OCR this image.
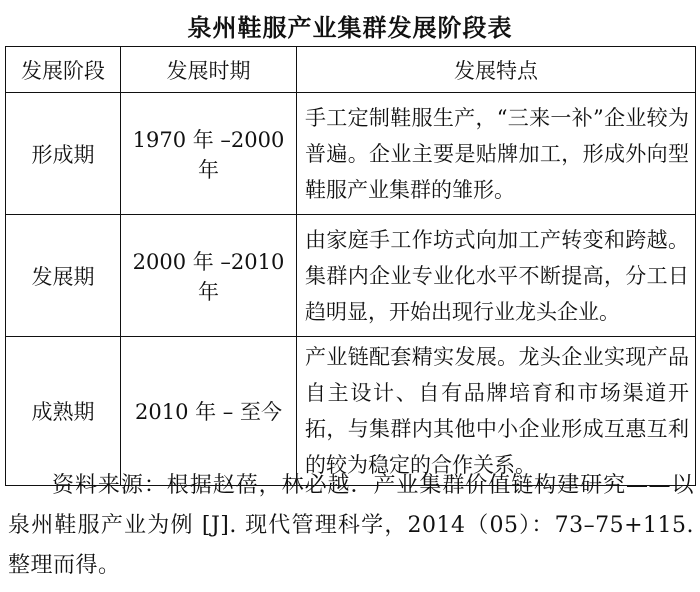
泉州鞋服产业集群发展阶段表
发展阶段	发展时期	发展特点
形成期	1970 年 –2000 年	手工定制鞋服生产，“三来一补”企业较为普遍。企业主要是贴牌加工，形成外向型鞋服产业集群的雏形。
发展期	2000 年 –2010 年	由家庭手工作坊式向加工产转变和跨越。集群内企业专业化水平不断提高，分工日趋明显，开始出现行业龙头企业。
成熟期	2010 年 – 至今	产业链配套精实发展。龙头企业实现产品自主设计、自有品牌培育和市场渠道开拓，与集群内其他中小企业形成互惠互利的较为稳定的合作关系。
资料来源：根据赵蓓，林必越．产业集群价值链构建研究——以泉州鞋服产业为例 [J]. 现代管理科学，2014（05）：73–75+115. 整理而得。
